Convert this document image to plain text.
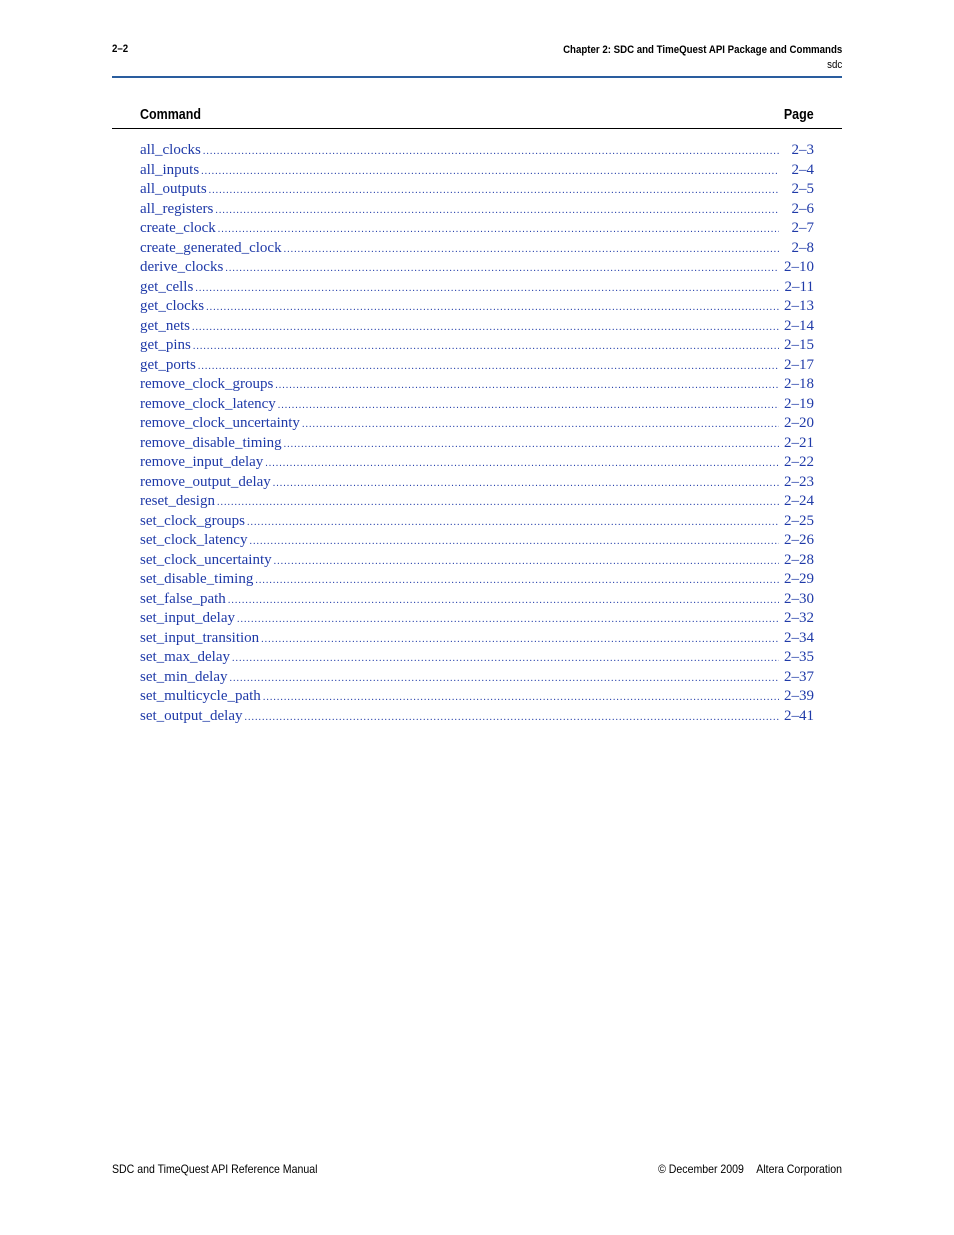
2–2	Chapter 2: SDC and TimeQuest API Package and Commands
sdc
Command	Page
all_clocks .....	2–3
all_inputs .....	2–4
all_outputs .....	2–5
all_registers .....	2–6
create_clock .....	2–7
create_generated_clock .....	2–8
derive_clocks .....	2–10
get_cells .....	2–11
get_clocks .....	2–13
get_nets .....	2–14
get_pins .....	2–15
get_ports .....	2–17
remove_clock_groups .....	2–18
remove_clock_latency .....	2–19
remove_clock_uncertainty .....	2–20
remove_disable_timing .....	2–21
remove_input_delay .....	2–22
remove_output_delay .....	2–23
reset_design .....	2–24
set_clock_groups .....	2–25
set_clock_latency .....	2–26
set_clock_uncertainty .....	2–28
set_disable_timing .....	2–29
set_false_path .....	2–30
set_input_delay .....	2–32
set_input_transition .....	2–34
set_max_delay .....	2–35
set_min_delay .....	2–37
set_multicycle_path .....	2–39
set_output_delay .....	2–41
SDC and TimeQuest API Reference Manual	© December 2009 Altera Corporation
